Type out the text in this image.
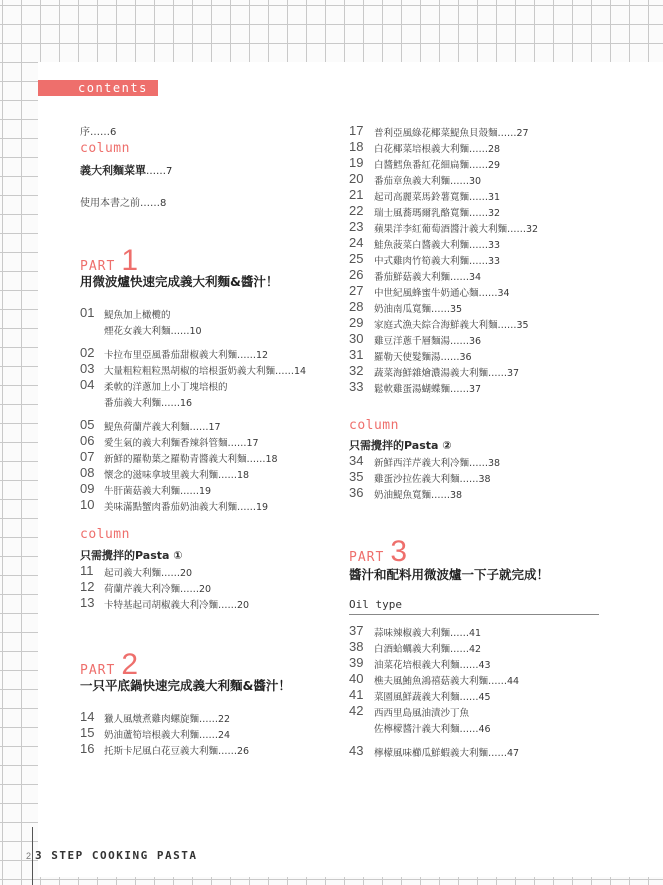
contents
序……6
column
義大利麵菜單……7
使用本書之前……8
PART 1
用微波爐快速完成義大利麵&醬汁！
01 鯷魚加上橄欖的
煙花女義大利麵……10
02 卡拉布里亞風番茄甜椒義大利麵……12
03 大量粗粒粗粒黑胡椒的培根蛋奶義大利麵……14
04 柔軟的洋蔥加上小丁塊培根的
番茄義大利麵……16
05 鯷魚荷蘭芹義大利麵……17
06 愛生氣的義大利麵香辣斜管麵……17
07 新鮮的羅勒葉之羅勒青醬義大利麵……18
08 懷念的滋味拿坡里義大利麵……18
09 牛肝菌菇義大利麵……19
10 美味滿點蟹肉番茄奶油義大利麵……19
column
只需攪拌的Pasta ①
11 起司義大利麵……20
12 荷蘭芹義大利冷麵……20
13 卡特基起司胡椒義大利冷麵……20
PART 2
一只平底鍋快速完成義大利麵&醬汁！
14 獵人風燉煮雞肉螺旋麵……22
15 奶油蘆筍培根義大利麵……24
16 托斯卡尼風白花豆義大利麵……26
17 普利亞風綠花椰菜鯷魚貝殼麵……27
18 白花椰菜培根義大利麵……28
19 白醬鱈魚番紅花細扁麵……29
20 番茄章魚義大利麵……30
21 起司高麗菜馬鈴薯寬麵……31
22 瑞士風蕎瑪爾乳酪寬麵……32
23 蘋果洋李紅葡萄酒醬汁義大利麵……32
24 鮭魚菠菜白醬義大利麵……33
25 中式雞肉竹筍義大利麵……33
26 番茄鮮菇義大利麵……34
27 中世紀風蜂蜜牛奶通心麵……34
28 奶油南瓜寬麵……35
29 家庭式漁夫綜合海鮮義大利麵……35
30 雞豆洋蔥千層麵湯……36
31 羅勒天使髮麵湯……36
32 蔬菜海鮮雜燴濃湯義大利麵……37
33 鬆軟雞蛋湯蝴蝶麵……37
column
只需攪拌的Pasta ②
34 新鮮西洋芹義大利冷麵……38
35 雞蛋沙拉佐義大利麵……38
36 奶油鯷魚寬麵……38
PART 3
醬汁和配料用微波爐一下子就完成！
Oil type
37 蒜味辣椒義大利麵……41
38 白酒蛤蠣義大利麵……42
39 油菜花培根義大利麵……43
40 樵夫風鮪魚鴻禧菇義大利麵……44
41 菜園風鮮蔬義大利麵……45
42 西西里島風油漬沙丁魚
佐檸檬醬汁義大利麵……46
43 檸檬風味櫛瓜鮮蝦義大利麵……47
2 3 STEP COOKING PASTA
